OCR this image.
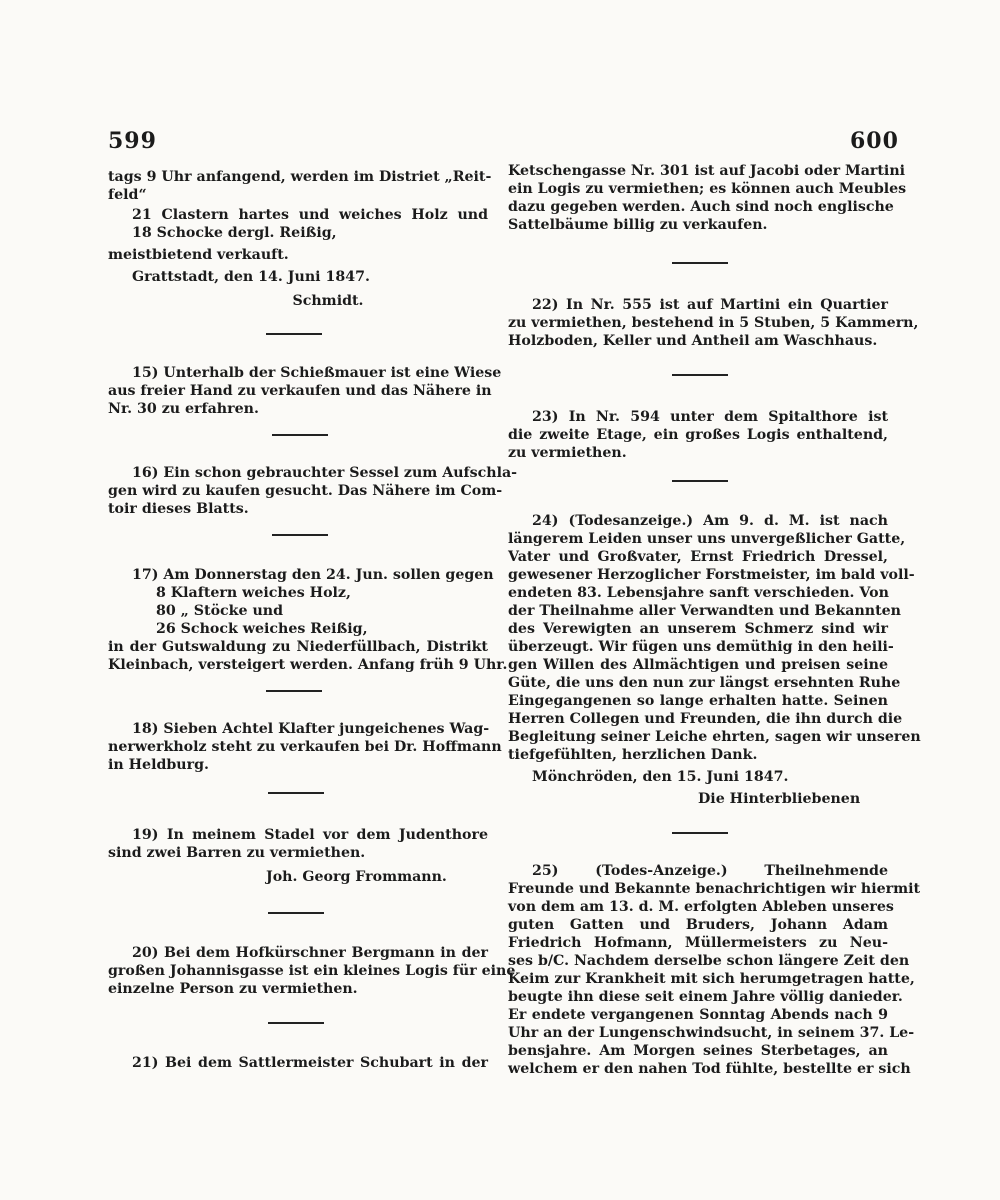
599	600
tags 9 Uhr anfangend, werden im Distriet „Reit-
feld“
21 Clastern hartes und weiches Holz und
18 Schocke dergl. Reißig,
meistbietend verkauft.
Grattstadt, den 14. Juni 1847.
Schmidt.
15) Unterhalb der Schießmauer ist eine Wiese
aus freier Hand zu verkaufen und das Nähere in
Nr. 30 zu erfahren.
16) Ein schon gebrauchter Sessel zum Aufschla-
gen wird zu kaufen gesucht. Das Nähere im Com-
toir dieses Blatts.
17) Am Donnerstag den 24. Jun. sollen gegen
8 Klaftern weiches Holz,
80 „ Stöcke und
26 Schock weiches Reißig,
in der Gutswaldung zu Niederfüllbach, Distrikt
Kleinbach, versteigert werden. Anfang früh 9 Uhr.
18) Sieben Achtel Klafter jungeichenes Wag-
nerwerkholz steht zu verkaufen bei Dr. Hoffmann
in Heldburg.
19) In meinem Stadel vor dem Judenthore
sind zwei Barren zu vermiethen.
Joh. Georg Frommann.
20) Bei dem Hofkürschner Bergmann in der
großen Johannisgasse ist ein kleines Logis für eine
einzelne Person zu vermiethen.
21) Bei dem Sattlermeister Schubart in der
Ketschengasse Nr. 301 ist auf Jacobi oder Martini
ein Logis zu vermiethen; es können auch Meubles
dazu gegeben werden. Auch sind noch englische
Sattelbäume billig zu verkaufen.
22) In Nr. 555 ist auf Martini ein Quartier
zu vermiethen, bestehend in 5 Stuben, 5 Kammern,
Holzboden, Keller und Antheil am Waschhaus.
23) In Nr. 594 unter dem Spitalthore ist
die zweite Etage, ein großes Logis enthaltend,
zu vermiethen.
24) (Todesanzeige.) Am 9. d. M. ist nach
längerem Leiden unser uns unvergeßlicher Gatte,
Vater und Großvater, Ernst Friedrich Dressel,
gewesener Herzoglicher Forstmeister, im bald voll-
endeten 83. Lebensjahre sanft verschieden. Von
der Theilnahme aller Verwandten und Bekannten
des Verewigten an unserem Schmerz sind wir
überzeugt. Wir fügen uns demüthig in den heili-
gen Willen des Allmächtigen und preisen seine
Güte, die uns den nun zur längst ersehnten Ruhe
Eingegangenen so lange erhalten hatte. Seinen
Herren Collegen und Freunden, die ihn durch die
Begleitung seiner Leiche ehrten, sagen wir unseren
tiefgefühlten, herzlichen Dank.
Mönchröden, den 15. Juni 1847.
Die Hinterbliebenen
25) (Todes-Anzeige.) Theilnehmende
Freunde und Bekannte benachrichtigen wir hiermit
von dem am 13. d. M. erfolgten Ableben unseres
guten Gatten und Bruders, Johann Adam
Friedrich Hofmann, Müllermeisters zu Neu-
ses b/C. Nachdem derselbe schon längere Zeit den
Keim zur Krankheit mit sich herumgetragen hatte,
beugte ihn diese seit einem Jahre völlig danieder.
Er endete vergangenen Sonntag Abends nach 9
Uhr an der Lungenschwindsucht, in seinem 37. Le-
bensjahre. Am Morgen seines Sterbetages, an
welchem er den nahen Tod fühlte, bestellte er sich
